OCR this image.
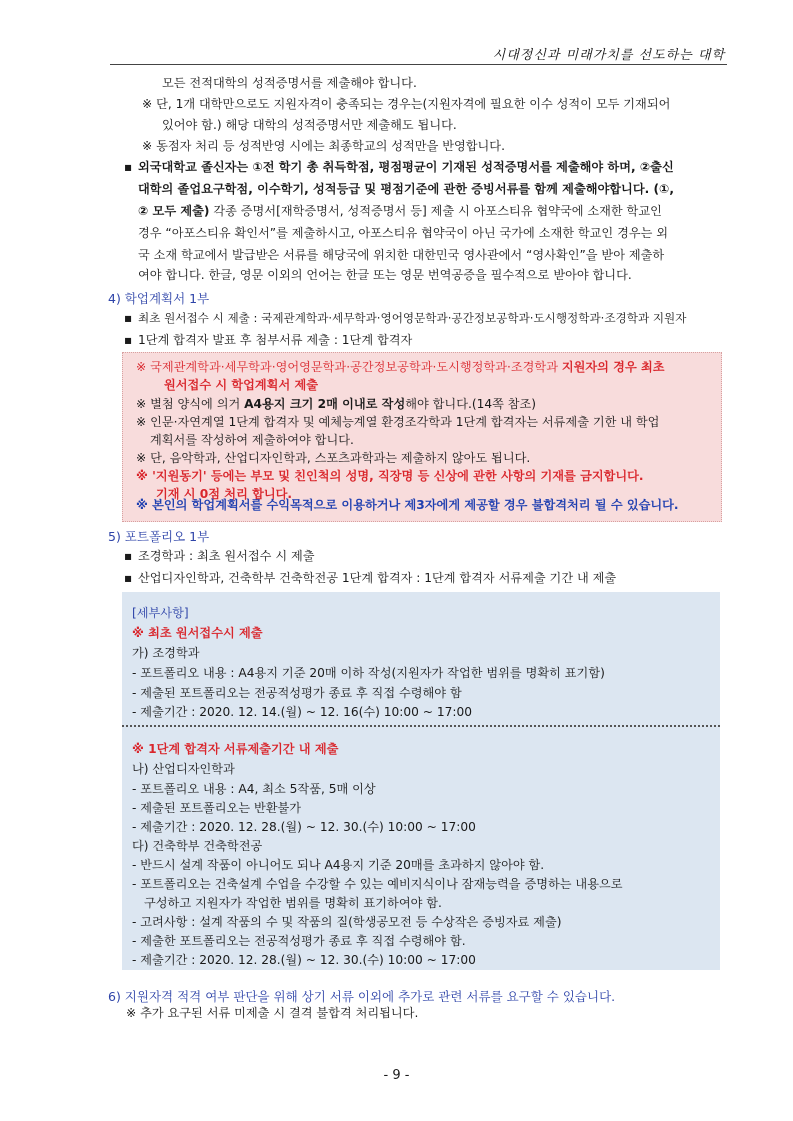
시대정신과 미래가치를 선도하는 대학
모든 전적대학의 성적증명서를 제출해야 합니다.
※ 단, 1개 대학만으로도 지원자격이 충족되는 경우는(지원자격에 필요한 이수 성적이 모두 기재되어
있어야 함.) 해당 대학의 성적증명서만 제출해도 됩니다.
※ 동점자 처리 등 성적반영 시에는 최종학교의 성적만을 반영합니다.
▪ 외국대학교 졸신자는 ①전 학기 총 취득학점, 평점평균이 기재된 성적증명서를 제출해야 하며, ②출신
대학의 졸업요구학점, 이수학기, 성적등급 및 평점기준에 관한 증빙서류를 함께 제출해야합니다. (①,
② 모두 제출) 각종 증명서[재학증명서, 성적증명서 등] 제출 시 아포스티유 협약국에 소재한 학교인
경우 “아포스티유 확인서”를 제출하시고, 아포스티유 협약국이 아닌 국가에 소재한 학교인 경우는 외
국 소재 학교에서 발급받은 서류를 해당국에 위치한 대한민국 영사관에서 “영사확인”을 받아 제출하
여야 합니다. 한글, 영문 이외의 언어는 한글 또는 영문 번역공증을 필수적으로 받아야 합니다.
4) 학업계획서 1부
▪ 최초 원서접수 시 제출 : 국제관계학과·세무학과·영어영문학과·공간정보공학과·도시행정학과·조경학과 지원자
▪ 1단계 합격자 발표 후 첨부서류 제출 : 1단계 합격자
※ 국제관계학과·세무학과·영어영문학과·공간정보공학과·도시행정학과·조경학과 지원자의 경우 최초
원서접수 시 학업계획서 제출
※ 별첨 양식에 의거 A4용지 크기 2매 이내로 작성해야 합니다.(14쪽 참조)
※ 인문·자연계열 1단계 합격자 및 예체능계열 환경조각학과 1단계 합격자는 서류제출 기한 내 학업
계획서를 작성하여 제출하여야 합니다.
※ 단, 음악학과, 산업디자인학과, 스포츠과학과는 제출하지 않아도 됩니다.
※ '지원동기' 등에는 부모 및 친인척의 성명, 직장명 등 신상에 관한 사항의 기재를 금지합니다.
기재 시 0점 처리 합니다.
※ 본인의 학업계획서를 수익목적으로 이용하거나 제3자에게 제공할 경우 불합격처리 될 수 있습니다.
5) 포트폴리오 1부
▪ 조경학과 : 최초 원서접수 시 제출
▪ 산업디자인학과, 건축학부 건축학전공 1단계 합격자 : 1단계 합격자 서류제출 기간 내 제출
[세부사항]
※ 최초 원서접수시 제출
가) 조경학과
- 포트폴리오 내용 : A4용지 기준 20매 이하 작성(지원자가 작업한 범위를 명확히 표기함)
- 제출된 포트폴리오는 전공적성평가 종료 후 직접 수령해야 함
- 제출기간 : 2020. 12. 14.(월) ~ 12. 16(수) 10:00 ~ 17:00
※ 1단계 합격자 서류제출기간 내 제출
나) 산업디자인학과
- 포트폴리오 내용 : A4, 최소 5작품, 5매 이상
- 제출된 포트폴리오는 반환불가
- 제출기간 : 2020. 12. 28.(월) ~ 12. 30.(수) 10:00 ~ 17:00
다) 건축학부 건축학전공
- 반드시 설계 작품이 아니어도 되나 A4용지 기준 20매를 초과하지 않아야 함.
- 포트폴리오는 건축설계 수업을 수강할 수 있는 예비지식이나 잠재능력을 증명하는 내용으로
구성하고 지원자가 작업한 범위를 명확히 표기하여야 함.
- 고려사항 : 설계 작품의 수 및 작품의 질(학생공모전 등 수상작은 증빙자료 제출)
- 제출한 포트폴리오는 전공적성평가 종료 후 직접 수령해야 함.
- 제출기간 : 2020. 12. 28.(월) ~ 12. 30.(수) 10:00 ~ 17:00
6) 지원자격 적격 여부 판단을 위해 상기 서류 이외에 추가로 관련 서류를 요구할 수 있습니다.
※ 추가 요구된 서류 미제출 시 결격 불합격 처리됩니다.
- 9 -
